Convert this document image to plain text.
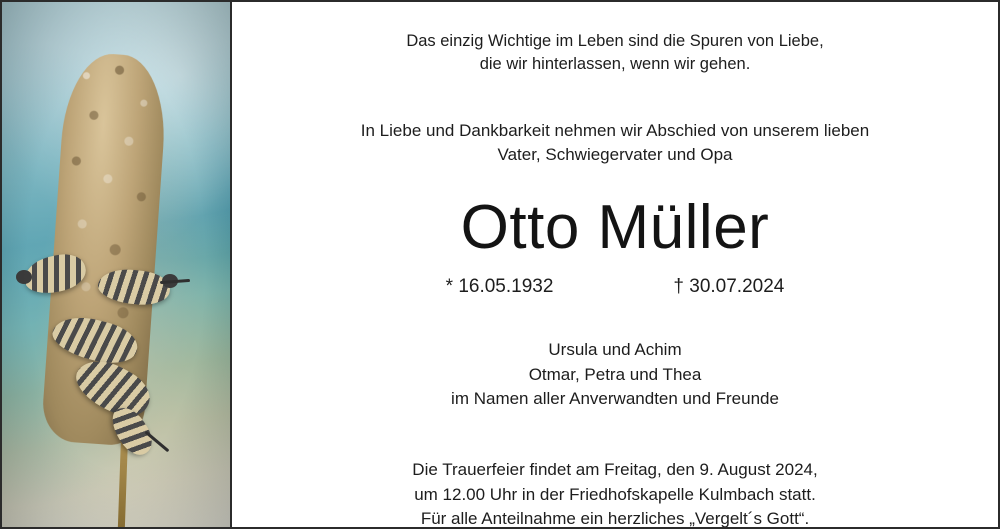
Das einzig Wichtige im Leben sind die Spuren von Liebe,
die wir hinterlassen, wenn wir gehen.
In Liebe und Dankbarkeit nehmen wir Abschied von unserem lieben
Vater, Schwiegervater und Opa
Otto Müller
* 16.05.1932	† 30.07.2024
Ursula und Achim
Otmar, Petra und Thea
im Namen aller Anverwandten und Freunde
Die Trauerfeier findet am Freitag, den 9. August 2024,
um 12.00 Uhr in der Friedhofskapelle Kulmbach statt.
Für alle Anteilnahme ein herzliches „Vergelt´s Gott“.
